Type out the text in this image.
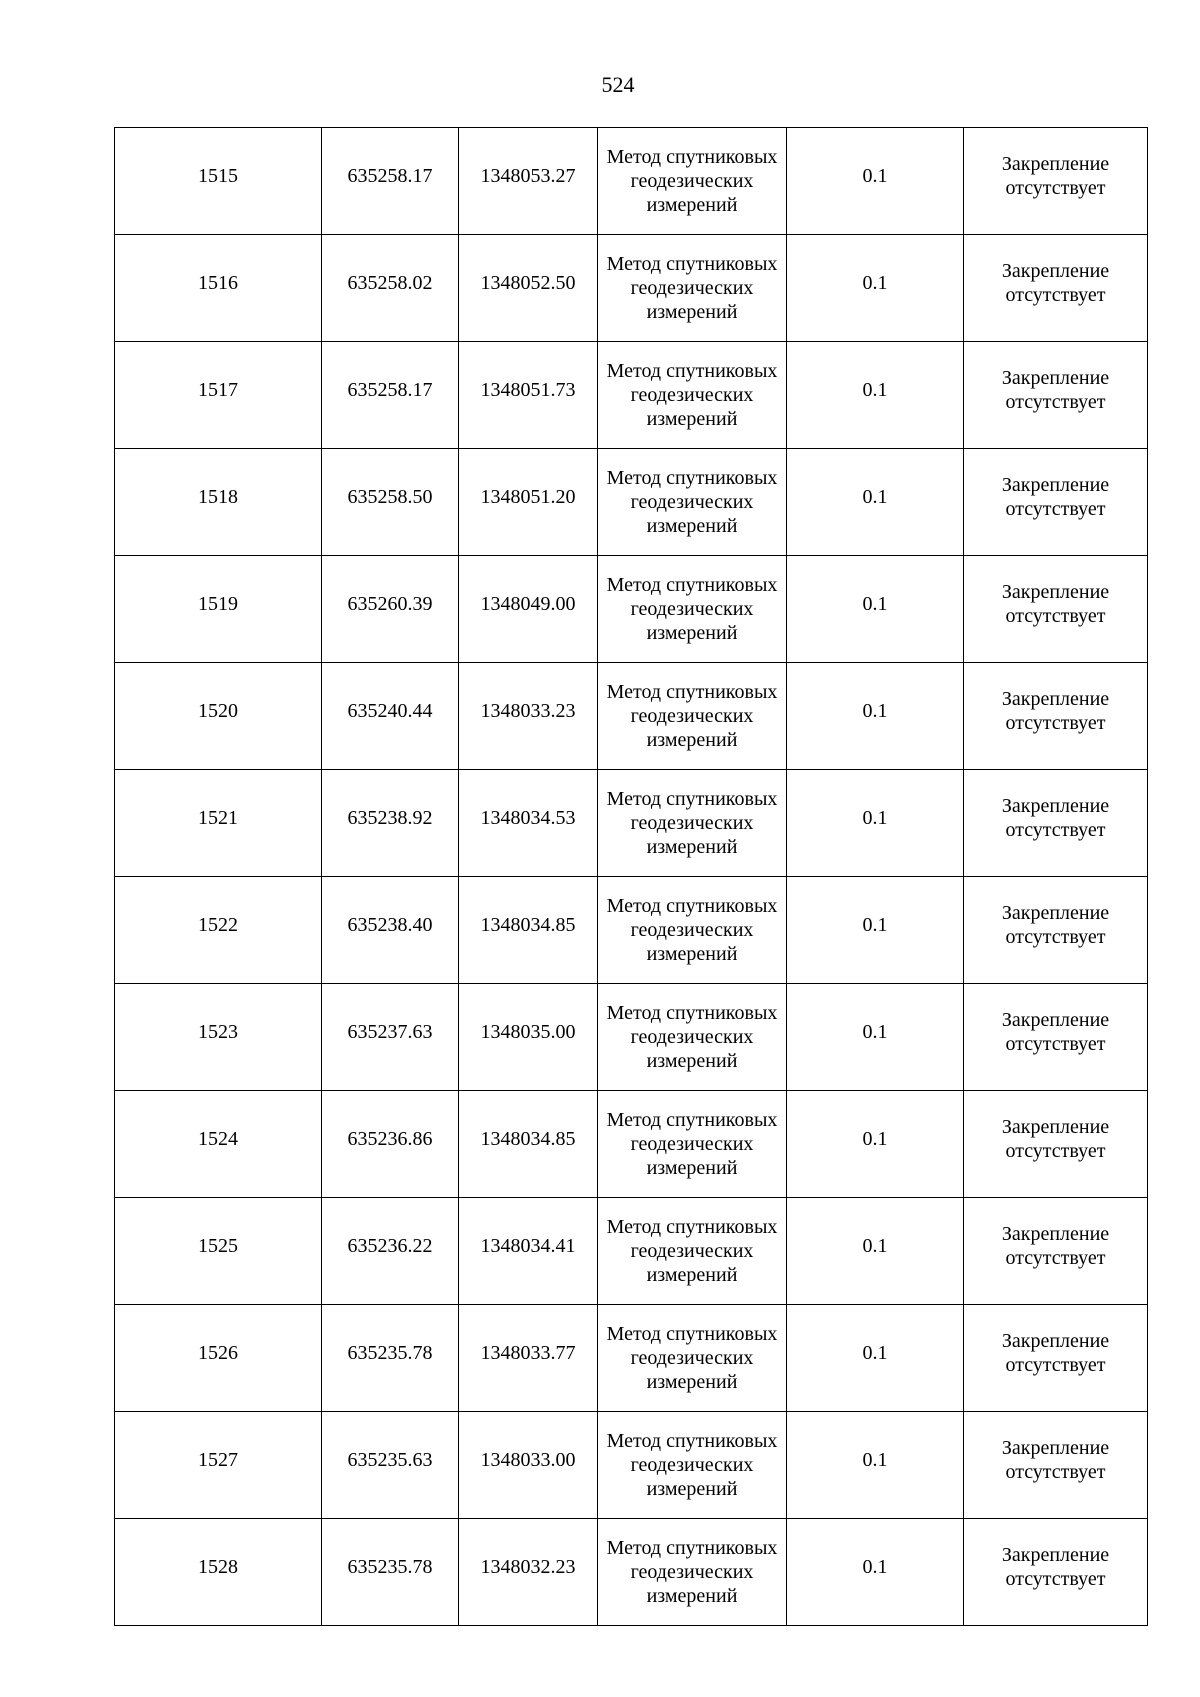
524
1515	635258.17	1348053.27	Метод спутниковых геодезических измерений	0.1	Закрепление отсутствует

1516	635258.02	1348052.50	Метод спутниковых геодезических измерений	0.1	Закрепление отсутствует

1517	635258.17	1348051.73	Метод спутниковых геодезических измерений	0.1	Закрепление отсутствует

1518	635258.50	1348051.20	Метод спутниковых геодезических измерений	0.1	Закрепление отсутствует

1519	635260.39	1348049.00	Метод спутниковых геодезических измерений	0.1	Закрепление отсутствует

1520	635240.44	1348033.23	Метод спутниковых геодезических измерений	0.1	Закрепление отсутствует

1521	635238.92	1348034.53	Метод спутниковых геодезических измерений	0.1	Закрепление отсутствует

1522	635238.40	1348034.85	Метод спутниковых геодезических измерений	0.1	Закрепление отсутствует

1523	635237.63	1348035.00	Метод спутниковых геодезических измерений	0.1	Закрепление отсутствует

1524	635236.86	1348034.85	Метод спутниковых геодезических измерений	0.1	Закрепление отсутствует

1525	635236.22	1348034.41	Метод спутниковых геодезических измерений	0.1	Закрепление отсутствует

1526	635235.78	1348033.77	Метод спутниковых геодезических измерений	0.1	Закрепление отсутствует

1527	635235.63	1348033.00	Метод спутниковых геодезических измерений	0.1	Закрепление отсутствует

1528	635235.78	1348032.23	Метод спутниковых геодезических измерений	0.1	Закрепление отсутствует
